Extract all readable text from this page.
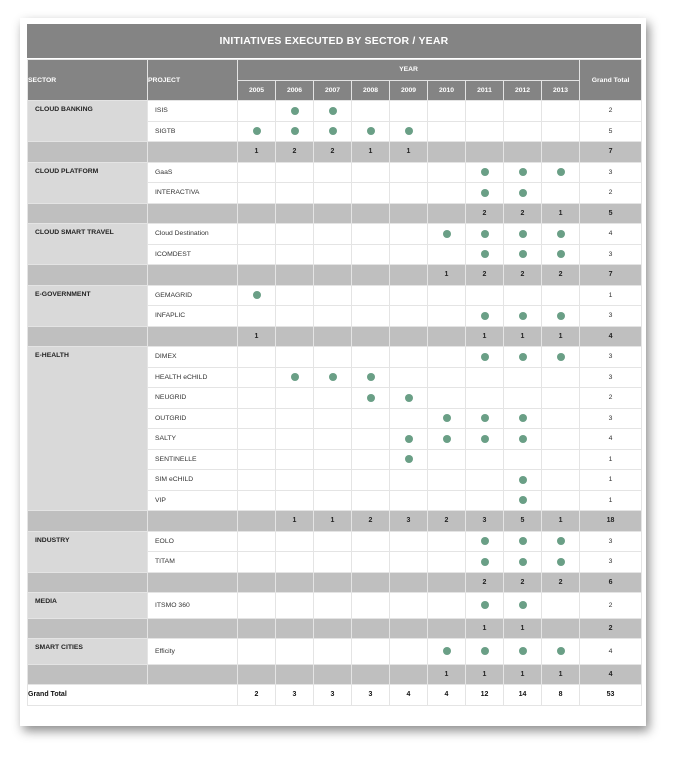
INITIATIVES EXECUTED BY SECTOR / YEAR
SECTOR	PROJECT	YEAR									Grand Total
		2005	2006	2007	2008	2009	2010	2011	2012	2013	
CLOUD BANKING	ISIS										2
	SIGTB										5
		1	2	2	1	1					7
CLOUD PLATFORM	GaaS										3
	INTERACTIVA										2
								2	2	1	5
CLOUD SMART TRAVEL	Cloud Destination										4
	ICOMDEST										3
							1	2	2	2	7
E-GOVERNMENT	GEMAGRID										1
	INFAPLIC										3
		1						1	1	1	4
E-HEALTH	DIMEX										3
	HEALTH eCHILD										3
	NEUGRID										2
	OUTGRID										3
	SALTY										4
	SENTINELLE										1
	SIM eCHILD										1
	VIP										1
			1	1	2	3	2	3	5	1	18
INDUSTRY	EOLO										3
	TITAM										3
								2	2	2	6
MEDIA	ITSMO 360										2
								1	1		2
SMART CITIES	Efficity										4
							1	1	1	1	4
Grand Total		2	3	3	3	4	4	12	14	8	53
